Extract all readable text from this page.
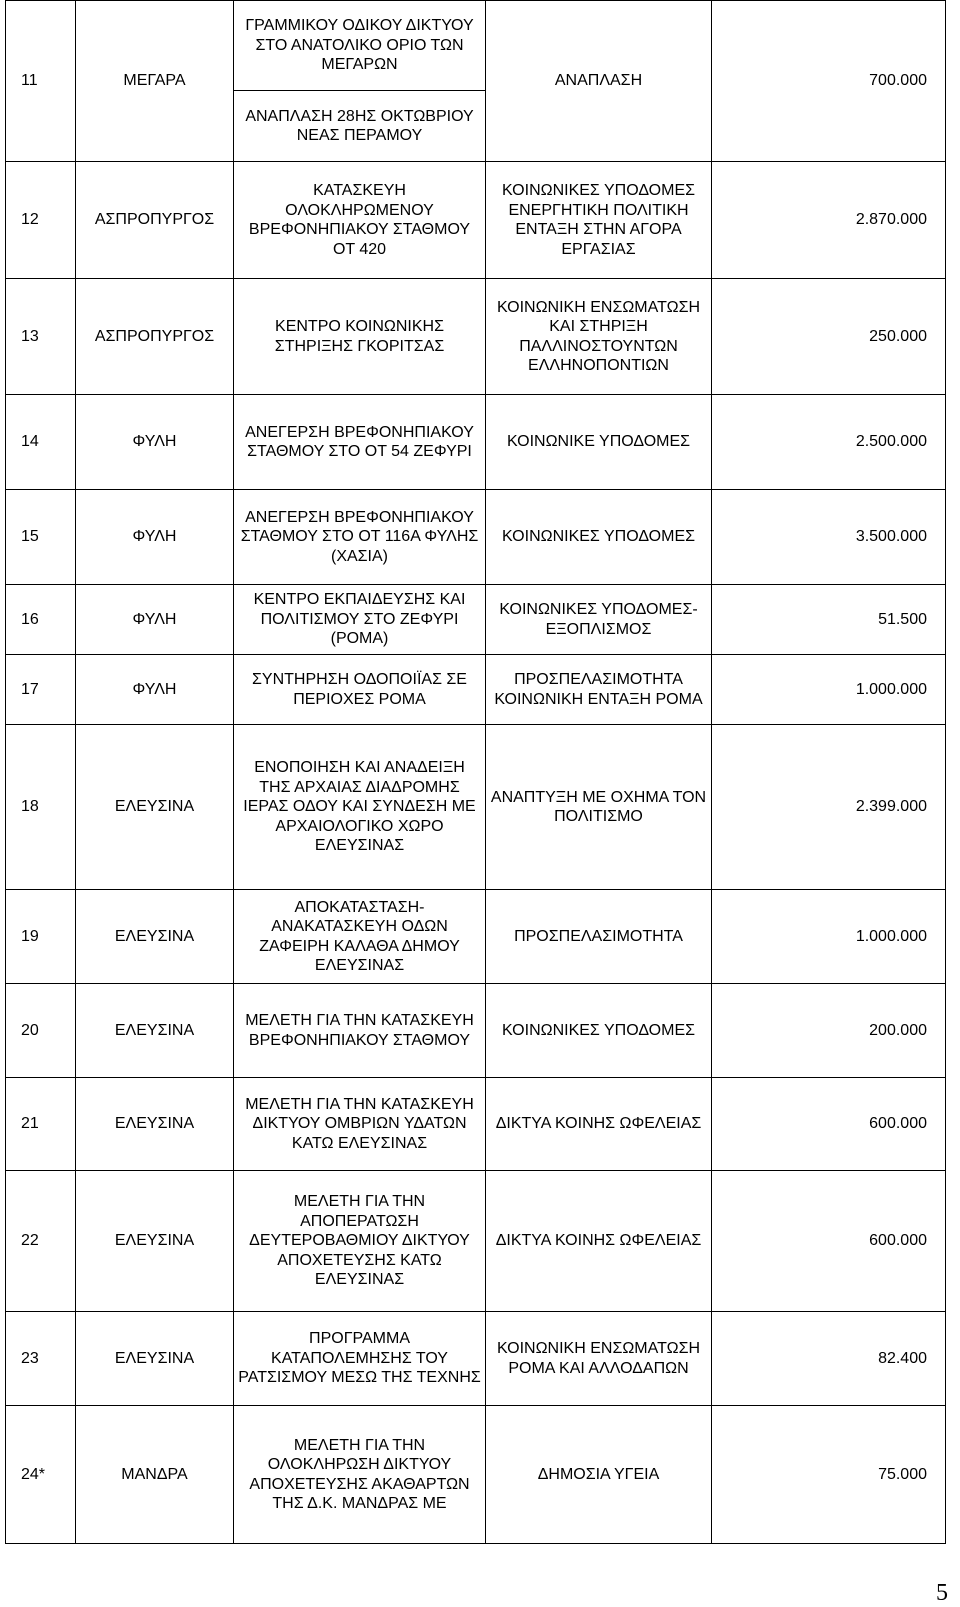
11	ΜΕΓΑΡΑ	ΓΡΑΜΜΙΚΟΥ ΟΔΙΚΟΥ ΔΙΚΤΥΟΥ ΣΤΟ ΑΝΑΤΟΛΙΚΟ ΟΡΙΟ ΤΩΝ ΜΕΓΑΡΩΝ	ΑΝΑΠΛΑΣΗ	700.000
		ΑΝΑΠΛΑΣΗ 28ΗΣ ΟΚΤΩΒΡΙΟΥ ΝΕΑΣ ΠΕΡΑΜΟΥ		
12	ΑΣΠΡΟΠΥΡΓΟΣ	ΚΑΤΑΣΚΕΥΗ ΟΛΟΚΛΗΡΩΜΕΝΟΥ ΒΡΕΦΟΝΗΠΙΑΚΟΥ ΣΤΑΘΜΟΥ ΟΤ 420	ΚΟΙΝΩΝΙΚΕΣ ΥΠΟΔΟΜΕΣ ΕΝΕΡΓΗΤΙΚΗ ΠΟΛΙΤΙΚΗ ΕΝΤΑΞΗ ΣΤΗΝ ΑΓΟΡΑ ΕΡΓΑΣΙΑΣ	2.870.000
13	ΑΣΠΡΟΠΥΡΓΟΣ	ΚΕΝΤΡΟ ΚΟΙΝΩΝΙΚΗΣ ΣΤΗΡΙΞΗΣ ΓΚΟΡΙΤΣΑΣ	ΚΟΙΝΩΝΙΚΗ ΕΝΣΩΜΑΤΩΣΗ ΚΑΙ ΣΤΗΡΙΞΗ ΠΑΛΛΙΝΟΣΤΟΥΝΤΩΝ ΕΛΛΗΝΟΠΟΝΤΙΩΝ	250.000
14	ΦΥΛΗ	ΑΝΕΓΕΡΣΗ ΒΡΕΦΟΝΗΠΙΑΚΟΥ ΣΤΑΘΜΟΥ ΣΤΟ ΟΤ 54 ΖΕΦΥΡΙ	ΚΟΙΝΩΝΙΚΕ ΥΠΟΔΟΜΕΣ	2.500.000
15	ΦΥΛΗ	ΑΝΕΓΕΡΣΗ ΒΡΕΦΟΝΗΠΙΑΚΟΥ ΣΤΑΘΜΟΥ ΣΤΟ ΟΤ 116Α ΦΥΛΗΣ (ΧΑΣΙΑ)	ΚΟΙΝΩΝΙΚΕΣ ΥΠΟΔΟΜΕΣ	3.500.000
16	ΦΥΛΗ	ΚΕΝΤΡΟ ΕΚΠΑΙΔΕΥΣΗΣ ΚΑΙ ΠΟΛΙΤΙΣΜΟΥ ΣΤΟ ΖΕΦΥΡΙ (ΡΟΜΑ)	ΚΟΙΝΩΝΙΚΕΣ ΥΠΟΔΟΜΕΣ- ΕΞΟΠΛΙΣΜΟΣ	51.500
17	ΦΥΛΗ	ΣΥΝΤΗΡΗΣΗ ΟΔΟΠΟΙΪΑΣ ΣΕ ΠΕΡΙΟΧΕΣ ΡΟΜΑ	ΠΡΟΣΠΕΛΑΣΙΜΟΤΗΤΑ ΚΟΙΝΩΝΙΚΗ ΕΝΤΑΞΗ ΡΟΜΑ	1.000.000
18	ΕΛΕΥΣΙΝΑ	ΕΝΟΠΟΙΗΣΗ ΚΑΙ ΑΝΑΔΕΙΞΗ ΤΗΣ ΑΡΧΑΙΑΣ ΔΙΑΔΡΟΜΗΣ ΙΕΡΑΣ ΟΔΟΥ ΚΑΙ ΣΥΝΔΕΣΗ ΜΕ ΑΡΧΑΙΟΛΟΓΙΚΟ ΧΩΡΟ ΕΛΕΥΣΙΝΑΣ	ΑΝΑΠΤΥΞΗ ΜΕ ΟΧΗΜΑ ΤΟΝ ΠΟΛΙΤΙΣΜΟ	2.399.000
19	ΕΛΕΥΣΙΝΑ	ΑΠΟΚΑΤΑΣΤΑΣΗ-ΑΝΑΚΑΤΑΣΚΕΥΗ ΟΔΩΝ ΖΑΦΕΙΡΗ ΚΑΛΑΘΑ ΔΗΜΟΥ ΕΛΕΥΣΙΝΑΣ	ΠΡΟΣΠΕΛΑΣΙΜΟΤΗΤΑ	1.000.000
20	ΕΛΕΥΣΙΝΑ	ΜΕΛΕΤΗ ΓΙΑ ΤΗΝ ΚΑΤΑΣΚΕΥΗ ΒΡΕΦΟΝΗΠΙΑΚΟΥ ΣΤΑΘΜΟΥ	ΚΟΙΝΩΝΙΚΕΣ ΥΠΟΔΟΜΕΣ	200.000
21	ΕΛΕΥΣΙΝΑ	ΜΕΛΕΤΗ ΓΙΑ ΤΗΝ ΚΑΤΑΣΚΕΥΗ ΔΙΚΤΥΟΥ ΟΜΒΡΙΩΝ ΥΔΑΤΩΝ ΚΑΤΩ ΕΛΕΥΣΙΝΑΣ	ΔΙΚΤΥΑ ΚΟΙΝΗΣ ΩΦΕΛΕΙΑΣ	600.000
22	ΕΛΕΥΣΙΝΑ	ΜΕΛΕΤΗ ΓΙΑ ΤΗΝ ΑΠΟΠΕΡΑΤΩΣΗ ΔΕΥΤΕΡΟΒΑΘΜΙΟΥ ΔΙΚΤΥΟΥ ΑΠΟΧΕΤΕΥΣΗΣ ΚΑΤΩ ΕΛΕΥΣΙΝΑΣ	ΔΙΚΤΥΑ ΚΟΙΝΗΣ ΩΦΕΛΕΙΑΣ	600.000
23	ΕΛΕΥΣΙΝΑ	ΠΡΟΓΡΑΜΜΑ ΚΑΤΑΠΟΛΕΜΗΣΗΣ ΤΟΥ ΡΑΤΣΙΣΜΟΥ ΜΕΣΩ ΤΗΣ ΤΕΧΝΗΣ	ΚΟΙΝΩΝΙΚΗ ΕΝΣΩΜΑΤΩΣΗ ΡΟΜΑ ΚΑΙ ΑΛΛΟΔΑΠΩΝ	82.400
24*	ΜΑΝΔΡΑ	ΜΕΛΕΤΗ ΓΙΑ ΤΗΝ ΟΛΟΚΛΗΡΩΣΗ ΔΙΚΤΥΟΥ ΑΠΟΧΕΤΕΥΣΗΣ ΑΚΑΘΑΡΤΩΝ ΤΗΣ Δ.Κ. ΜΑΝΔΡΑΣ ΜΕ	ΔΗΜΟΣΙΑ ΥΓΕΙΑ	75.000
5
